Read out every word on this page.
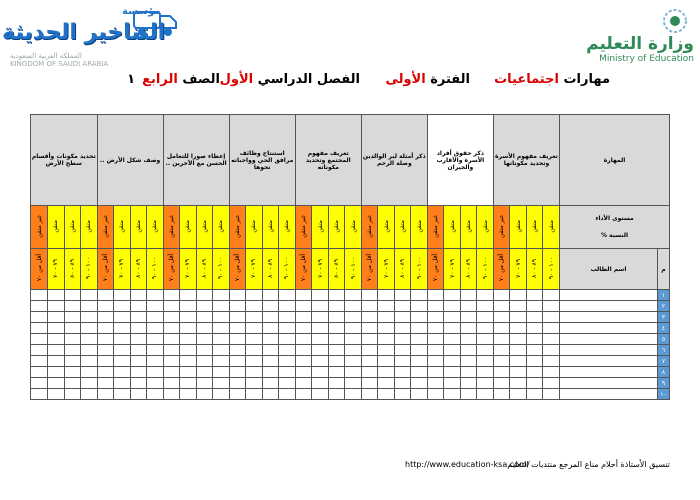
مؤسسة
التناخير الحديثة
المملكة العربية السعودية
KINGDOM OF SAUDI ARABIA
وزارة التعليم
Ministry of Education
مهارات اجتماعيات
الفترة الأولى
الفصل الدراسي الأول
الصف الرابع
١
المهارة		تعريف مفهوم الأسرة وتحديد مكوناتها				ذكر حقوق أفراد الأسرة والأقارب والجيران				ذكر أمثلة لبر الوالدين وصلة الرحم				تعريف مفهوم المجتمع وتحديد مكوناته				استنتاج وظائف مرافق الحي وواجباته نحوها				إعطاء صورا للتعامل الحسن مع الآخرين ..				وصف شكل الأرض ..				تحديد مكونات وأقسام سطح الأرض			
مستوى الأداء
النسبة %		متقن	متقن	متقن	غير متقن	متقن	متقن	متقن	غير متقن	متقن	متقن	متقن	غير متقن	متقن	متقن	متقن	غير متقن	متقن	متقن	متقن	غير متقن	متقن	متقن	متقن	غير متقن	متقن	متقن	متقن	غير متقن	متقن	متقن	متقن	غير متقن
م	اسم الطالب	١٠٠ - ٩٠	٨٩ - ٨٠	٧٩ - ٧٠	أقل من ٧٠	١٠٠ - ٩٠	٨٩ - ٨٠	٧٩ - ٧٠	أقل من ٧٠	١٠٠ - ٩٠	٨٩ - ٨٠	٧٩ - ٧٠	أقل من ٧٠	١٠٠ - ٩٠	٨٩ - ٨٠	٧٩ - ٧٠	أقل من ٧٠	١٠٠ - ٩٠	٨٩ - ٨٠	٧٩ - ٧٠	أقل من ٧٠	١٠٠ - ٩٠	٨٩ - ٨٠	٧٩ - ٧٠	أقل من ٧٠	١٠٠ - ٩٠	٨٩ - ٨٠	٧٩ - ٧٠	أقل من ٧٠	١٠٠ - ٩٠	٨٩ - ٨٠	٧٩ - ٧٠	أقل من ٧٠
١																																	
٢																																	
٣																																	
٤																																	
٥																																	
٦																																	
٧																																	
٨																																	
٩																																	
١٠																																	
تنسيق الأستاذة أحلام مناع المرجع منتديات التعليم
http://www.education-ksa.com/
